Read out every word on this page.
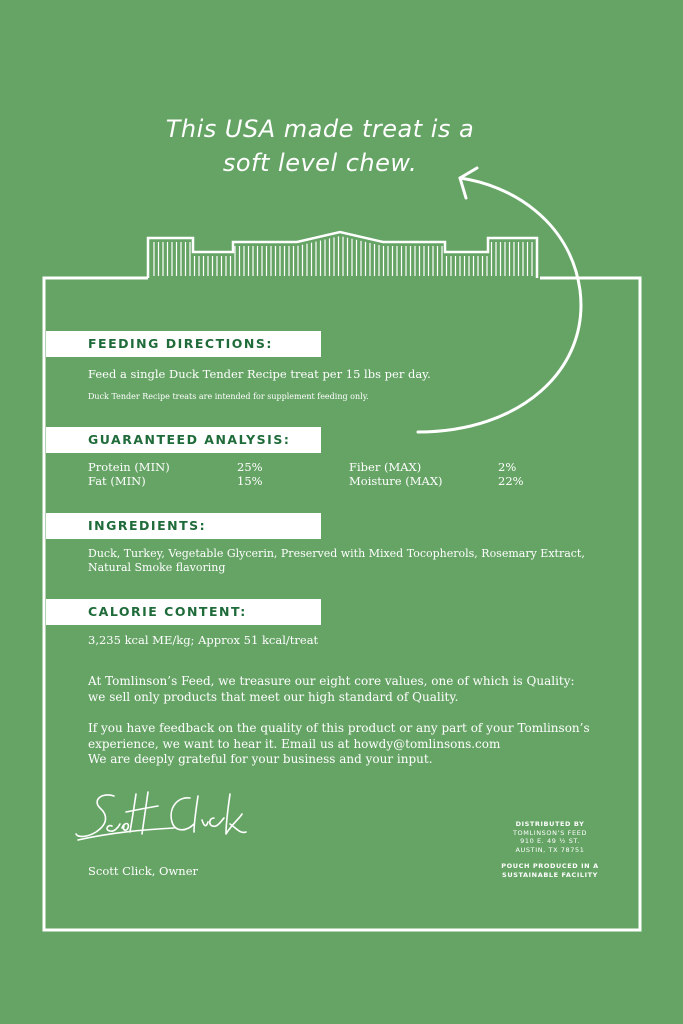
This USA made treat is a
soft level chew.
FEEDING DIRECTIONS:
Feed a single Duck Tender Recipe treat per 15 lbs per day.
Duck Tender Recipe treats are intended for supplement feeding only.
GUARANTEED ANALYSIS:
Protein (MIN)	25%	Fiber (MAX)	2%
Fat (MIN)	15%	Moisture (MAX)	22%
INGREDIENTS:
Duck, Turkey, Vegetable Glycerin, Preserved with Mixed Tocopherols, Rosemary Extract,
Natural Smoke flavoring
CALORIE CONTENT:
3,235 kcal ME/kg; Approx 51 kcal/treat

At Tomlinson’s Feed, we treasure our eight core values, one of which is Quality:
we sell only products that meet our high standard of Quality.

If you have feedback on the quality of this product or any part of your Tomlinson’s
experience, we want to hear it. Email us at howdy@tomlinsons.com
We are deeply grateful for your business and your input.

Scott Click, Owner
DISTRIBUTED BY
TOMLINSON’S FEED
910 E. 49 ½ ST.
AUSTIN, TX 78751
POUCH PRODUCED IN A
SUSTAINABLE FACILITY
